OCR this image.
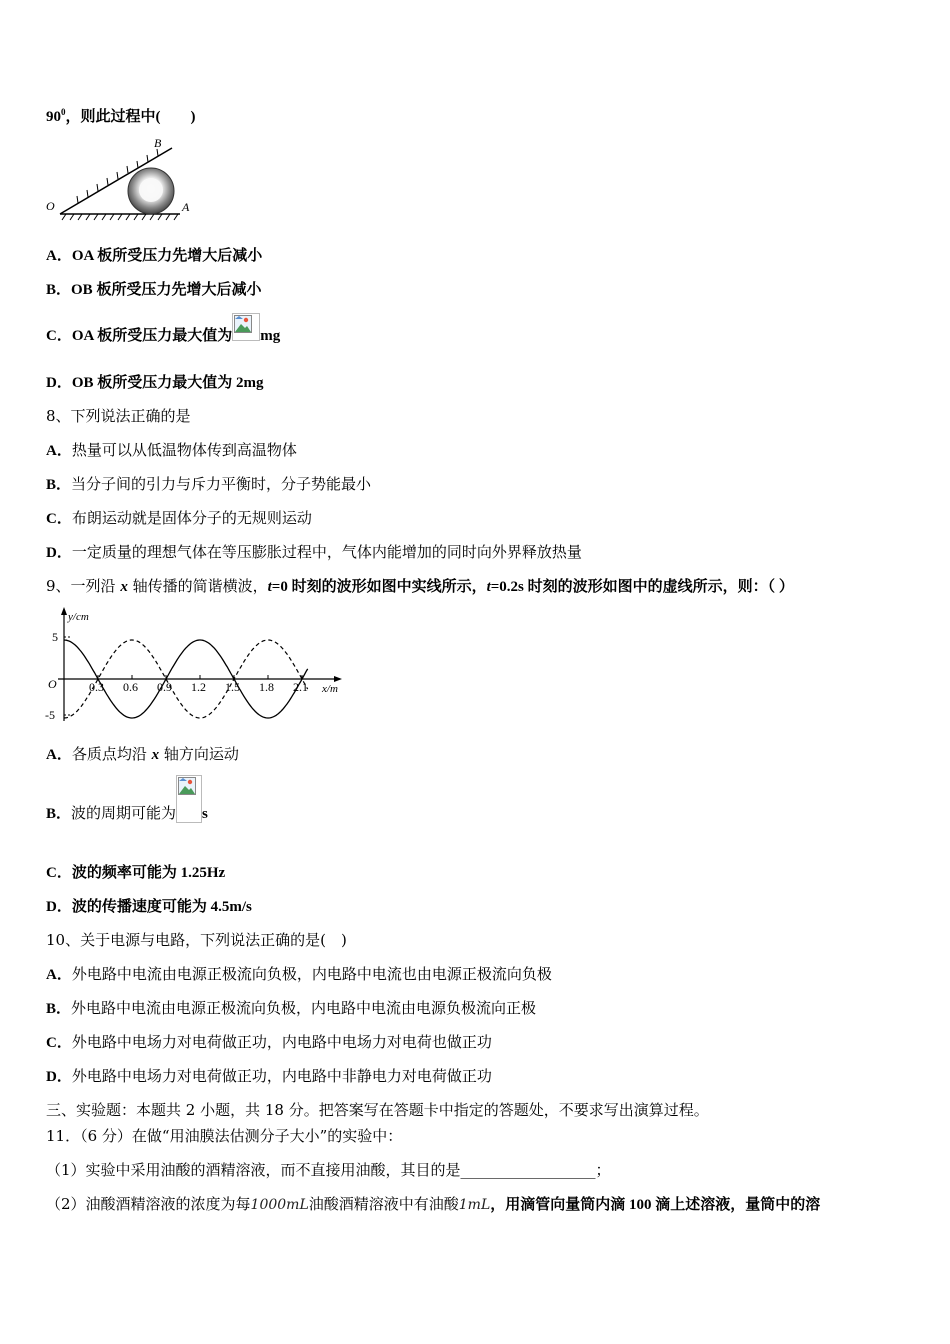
$90^0$，则此过程中(　　)
O
B
A
A．OA 板所受压力先增大后减小
B．OB 板所受压力先增大后减小
C．OA 板所受压力最大值为 mg
D．OB 板所受压力最大值为 2mg
8、下列说法正确的是
A．热量可以从低温物体传到高温物体
B．当分子间的引力与斥力平衡时，分子势能最小
C．布朗运动就是固体分子的无规则运动
D．一定质量的理想气体在等压膨胀过程中，气体内能增加的同时向外界释放热量
9、一列沿 x 轴传播的简谐横波，t=0 时刻的波形如图中实线所示，t=0.2s 时刻的波形如图中的虚线所示，则：（ ）
y/cm
x/m
O
5
-5
0.3 0.6 0.9 1.2 1.5 1.8 2.1
A．各质点均沿 x 轴方向运动
B．波的周期可能为 s
C．波的频率可能为 1.25Hz
D．波的传播速度可能为 4.5m/s
10、关于电源与电路，下列说法正确的是(　)
A．外电路中电流由电源正极流向负极，内电路中电流也由电源正极流向负极
B．外电路中电流由电源正极流向负极，内电路中电流由电源负极流向正极
C．外电路中电场力对电荷做正功，内电路中电场力对电荷也做正功
D．外电路中电场力对电荷做正功，内电路中非静电力对电荷做正功
三、实验题：本题共 2 小题，共 18 分。把答案写在答题卡中指定的答题处，不要求写出演算过程。
11．（6 分）在做“用油膜法估测分子大小”的实验中：
（1）实验中采用油酸的酒精溶液，而不直接用油酸，其目的是__________________；
（2）油酸酒精溶液的浓度为每1000mL油酸酒精溶液中有油酸1mL，用滴管向量筒内滴 100 滴上述溶液，量筒中的溶
